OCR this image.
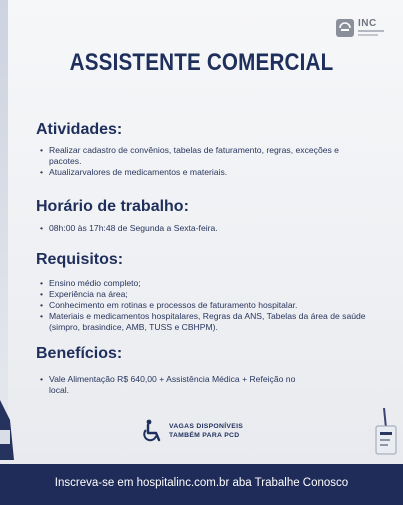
INC
ASSISTENTE COMERCIAL
Atividades:
• Realizar cadastro de convênios, tabelas de faturamento, regras, exceções e pacotes.
• Atualizarvalores de medicamentos e materiais.
Horário de trabalho:
• 08h:00 às 17h:48 de Segunda a Sexta-feira.
Requisitos:
• Ensino médio completo;
• Experiência na área;
• Conhecimento em rotinas e processos de faturamento hospitalar.
• Materiais e medicamentos hospitalares, Regras da ANS, Tabelas da área de saúde (simpro, brasindice, AMB, TUSS e CBHPM).
Benefícios:
• Vale Alimentação R$ 640,00 + Assistência Médica + Refeição no local.
VAGAS DISPONÍVEIS
TAMBÉM PARA PCD
Inscreva-se em hospitalinc.com.br aba Trabalhe Conosco
